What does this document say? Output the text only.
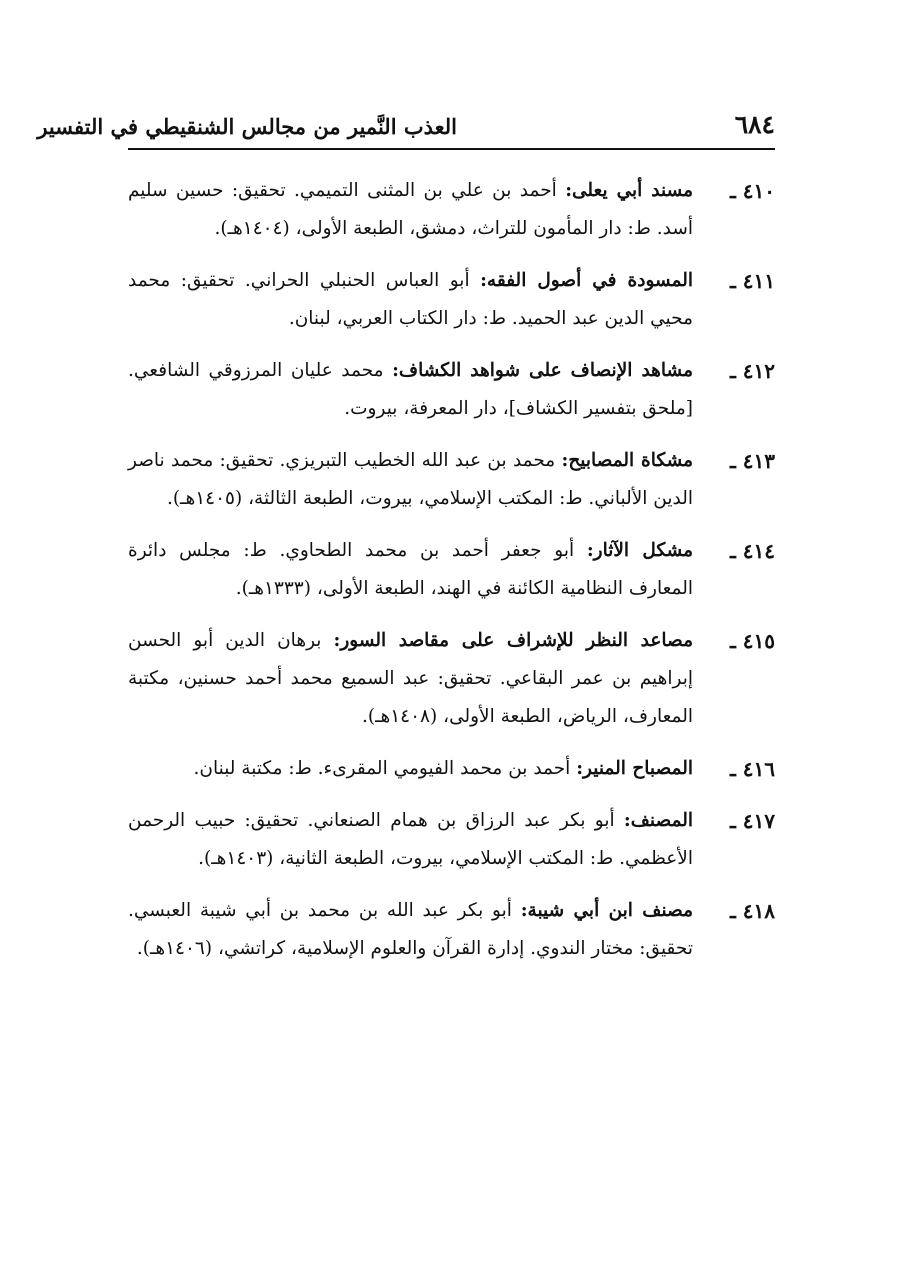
٦٨٤
العذب النَّمير من مجالس الشنقيطي في التفسير
٤١٠ ـ
مسند أبي يعلى: أحمد بن علي بن المثنى التميمي. تحقيق: حسين سليم أسد. ط: دار المأمون للتراث، دمشق، الطبعة الأولى، (١٤٠٤هـ).
٤١١ ـ
المسودة في أصول الفقه: أبو العباس الحنبلي الحراني. تحقيق: محمد محيي الدين عبد الحميد. ط: دار الكتاب العربي، لبنان.
٤١٢ ـ
مشاهد الإنصاف على شواهد الكشاف: محمد عليان المرزوقي الشافعي. [ملحق بتفسير الكشاف]، دار المعرفة، بيروت.
٤١٣ ـ
مشكاة المصابيح: محمد بن عبد الله الخطيب التبريزي. تحقيق: محمد ناصر الدين الألباني. ط: المكتب الإسلامي، بيروت، الطبعة الثالثة، (١٤٠٥هـ).
٤١٤ ـ
مشكل الآثار: أبو جعفر أحمد بن محمد الطحاوي. ط: مجلس دائرة المعارف النظامية الكائنة في الهند، الطبعة الأولى، (١٣٣٣هـ).
٤١٥ ـ
مصاعد النظر للإشراف على مقاصد السور: برهان الدين أبو الحسن إبراهيم بن عمر البقاعي. تحقيق: عبد السميع محمد أحمد حسنين، مكتبة المعارف، الرياض، الطبعة الأولى، (١٤٠٨هـ).
٤١٦ ـ
المصباح المنير: أحمد بن محمد الفيومي المقرىء. ط: مكتبة لبنان.
٤١٧ ـ
المصنف: أبو بكر عبد الرزاق بن همام الصنعاني. تحقيق: حبيب الرحمن الأعظمي. ط: المكتب الإسلامي، بيروت، الطبعة الثانية، (١٤٠٣هـ).
٤١٨ ـ
مصنف ابن أبي شيبة: أبو بكر عبد الله بن محمد بن أبي شيبة العبسي. تحقيق: مختار الندوي. إدارة القرآن والعلوم الإسلامية، كراتشي، (١٤٠٦هـ).
